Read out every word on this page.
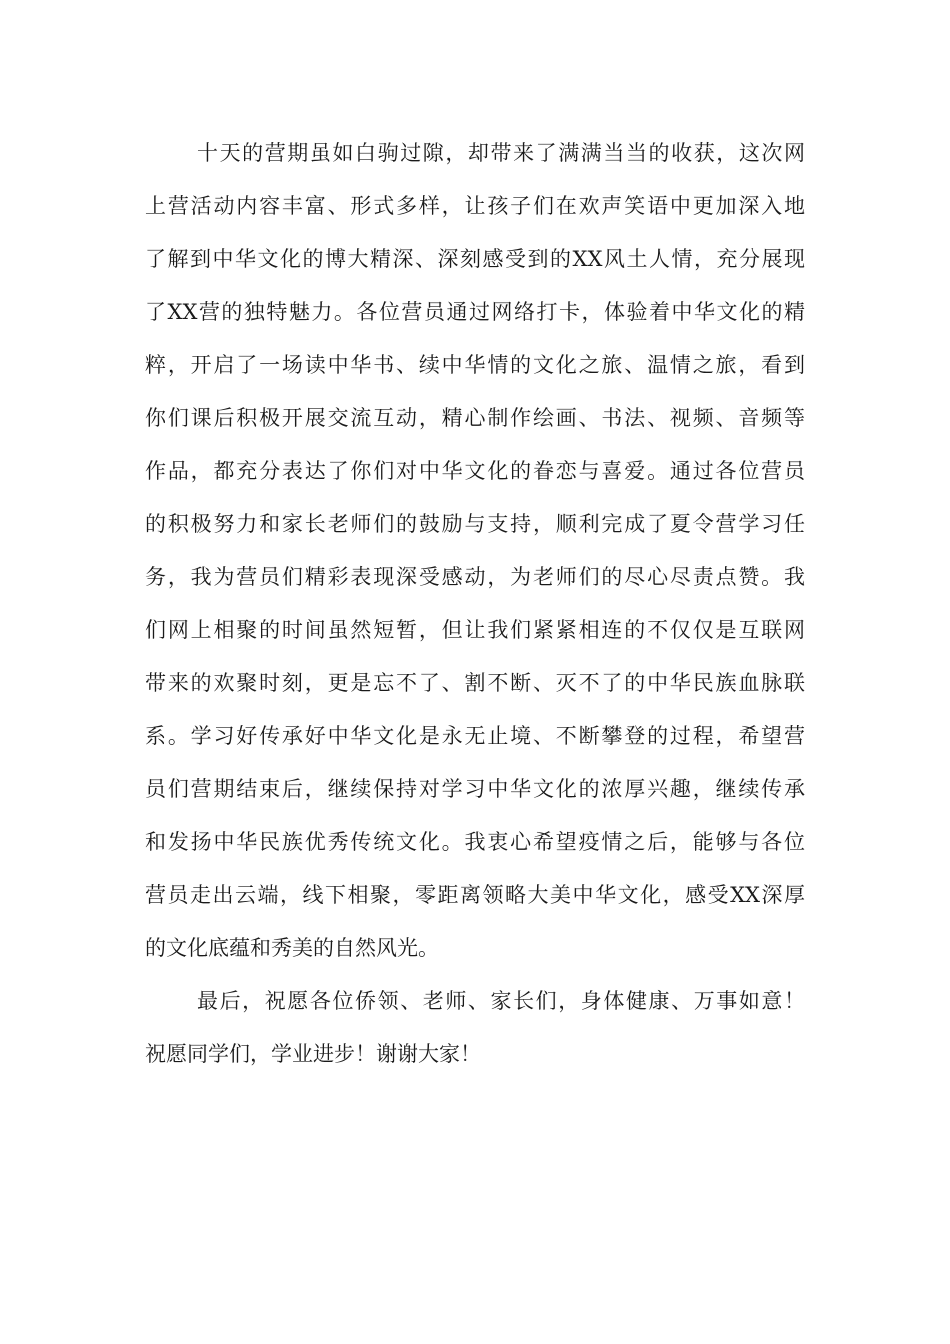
十天的营期虽如白驹过隙，却带来了满满当当的收获，这次网
上营活动内容丰富、形式多样，让孩子们在欢声笑语中更加深入地
了解到中华文化的博大精深、深刻感受到的XX风土人情，充分展现
了XX营的独特魅力。各位营员通过网络打卡，体验着中华文化的精
粹，开启了一场读中华书、续中华情的文化之旅、温情之旅，看到
你们课后积极开展交流互动，精心制作绘画、书法、视频、音频等
作品，都充分表达了你们对中华文化的眷恋与喜爱。通过各位营员
的积极努力和家长老师们的鼓励与支持，顺利完成了夏令营学习任
务，我为营员们精彩表现深受感动，为老师们的尽心尽责点赞。我
们网上相聚的时间虽然短暂，但让我们紧紧相连的不仅仅是互联网
带来的欢聚时刻，更是忘不了、割不断、灭不了的中华民族血脉联
系。学习好传承好中华文化是永无止境、不断攀登的过程，希望营
员们营期结束后，继续保持对学习中华文化的浓厚兴趣，继续传承
和发扬中华民族优秀传统文化。我衷心希望疫情之后，能够与各位
营员走出云端，线下相聚，零距离领略大美中华文化，感受XX深厚
的文化底蕴和秀美的自然风光。
最后，祝愿各位侨领、老师、家长们，身体健康、万事如意！
祝愿同学们，学业进步！谢谢大家！
